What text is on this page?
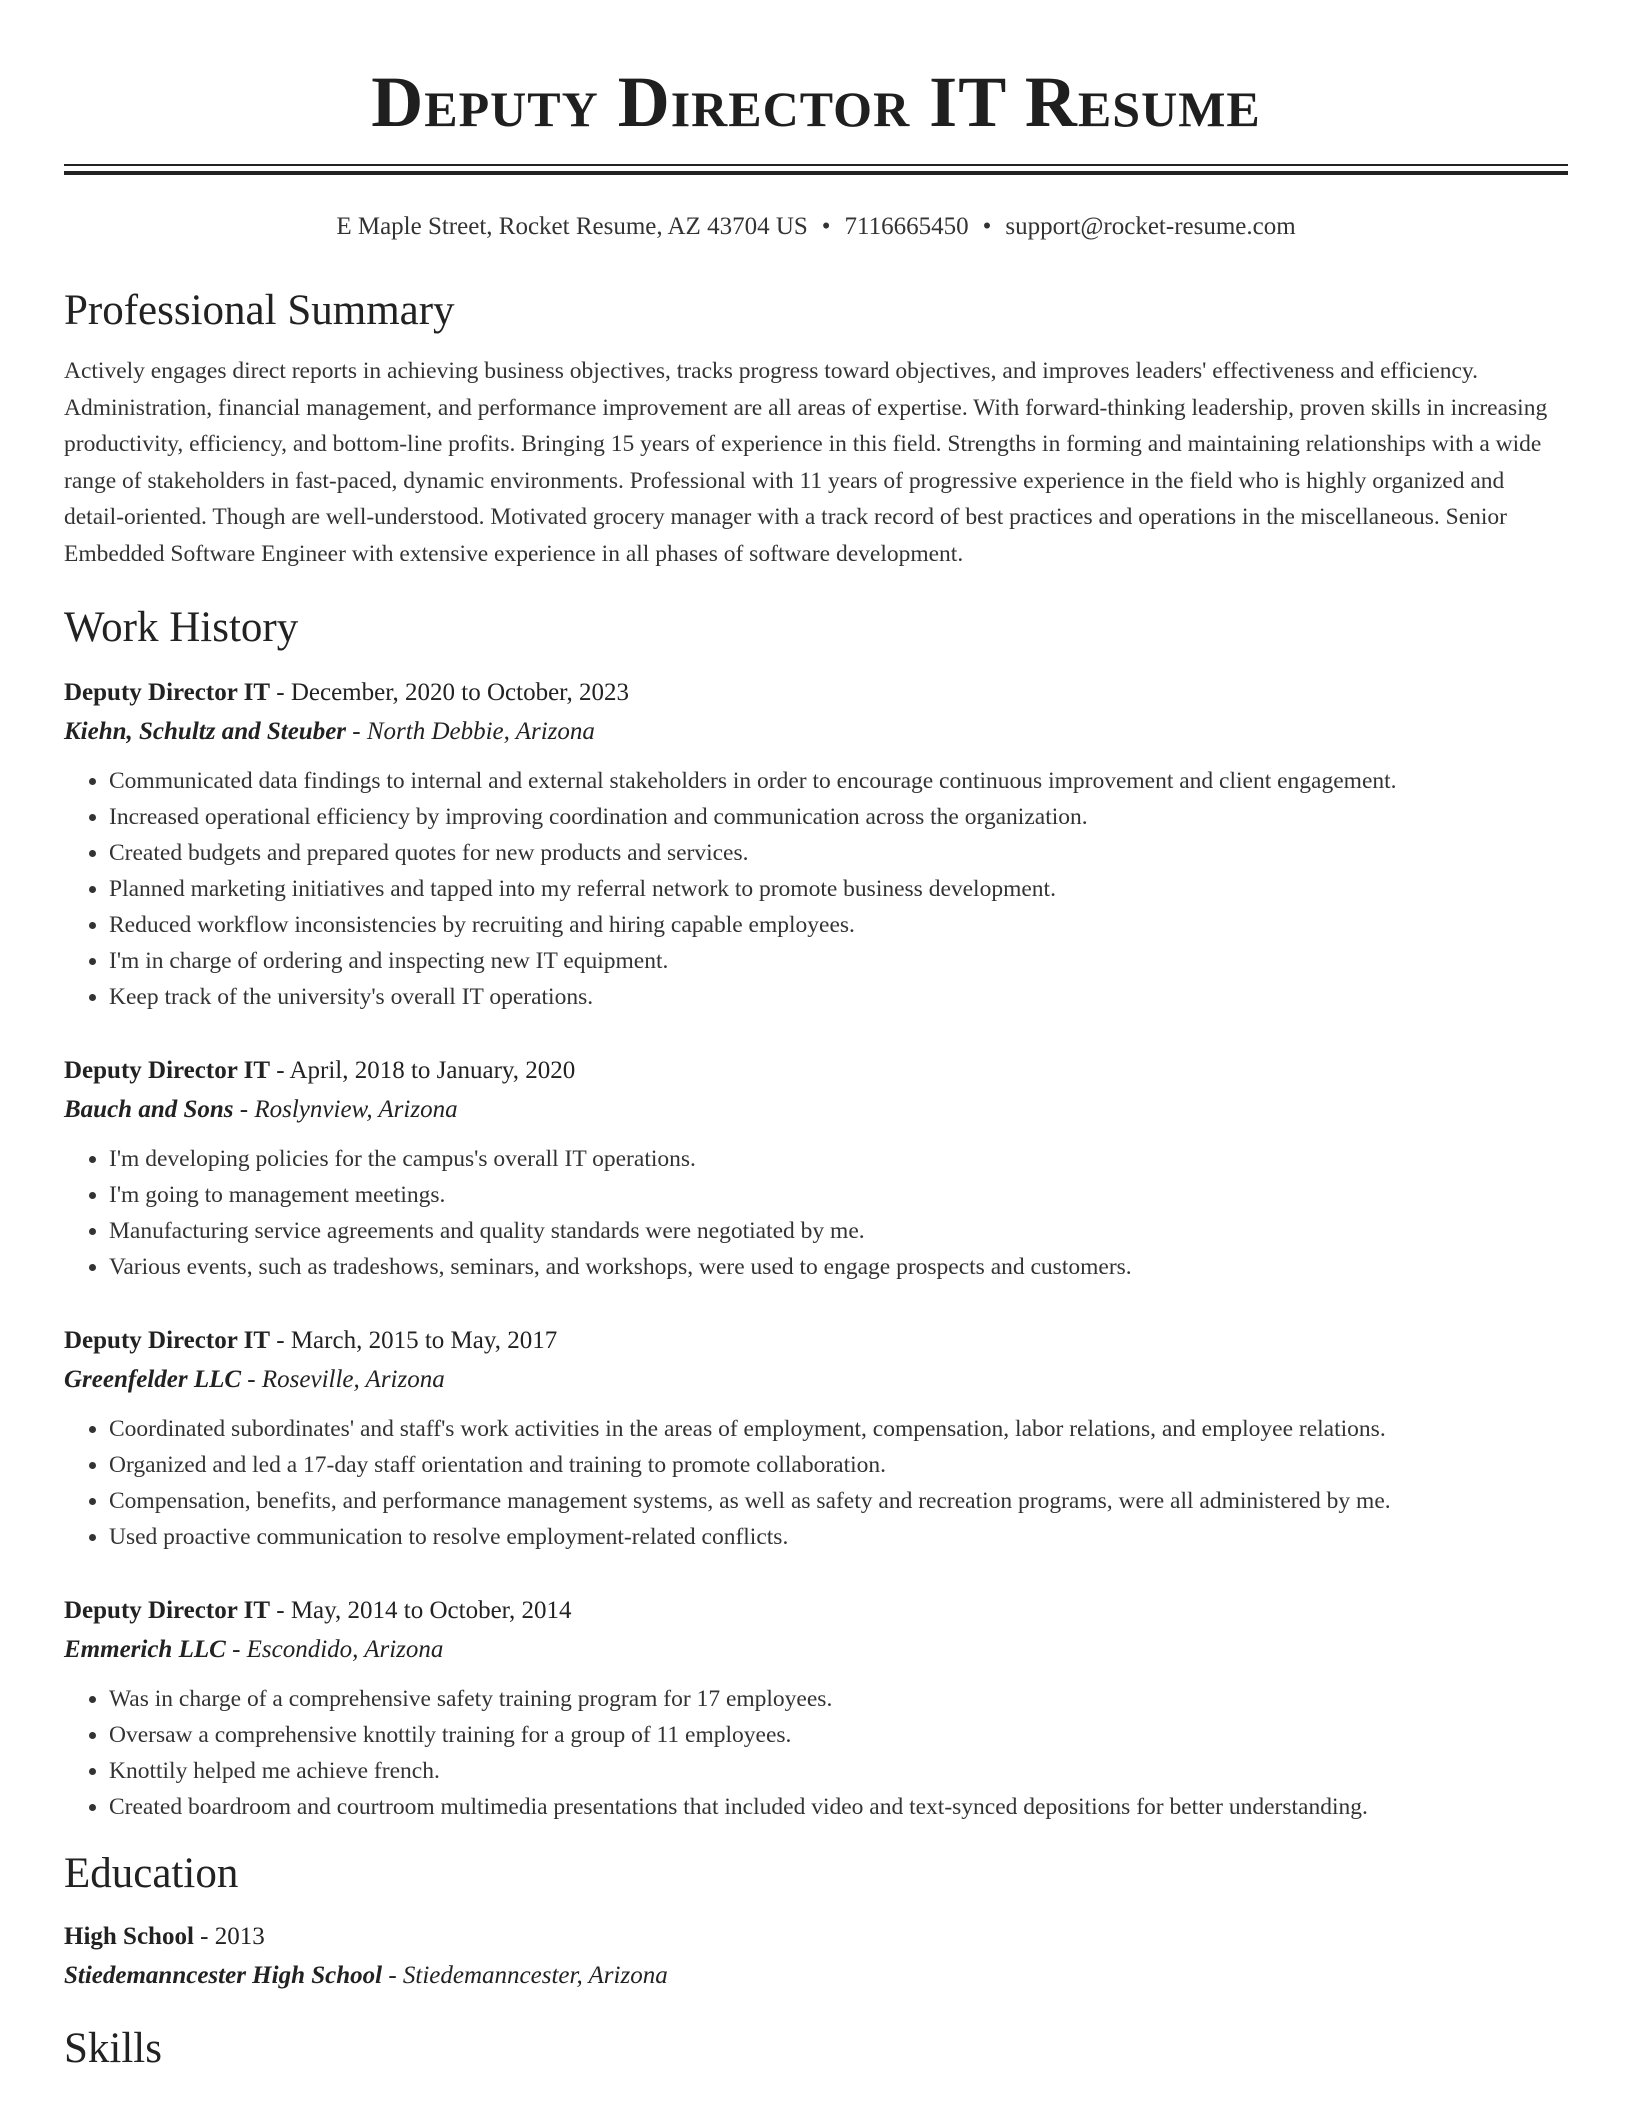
Deputy Director IT Resume
E Maple Street, Rocket Resume, AZ 43704 US • 7116665450 • support@rocket-resume.com
Professional Summary
Actively engages direct reports in achieving business objectives, tracks progress toward objectives, and improves leaders' effectiveness and efficiency. Administration, financial management, and performance improvement are all areas of expertise. With forward-thinking leadership, proven skills in increasing productivity, efficiency, and bottom-line profits. Bringing 15 years of experience in this field. Strengths in forming and maintaining relationships with a wide range of stakeholders in fast-paced, dynamic environments. Professional with 11 years of progressive experience in the field who is highly organized and detail-oriented. Though are well-understood. Motivated grocery manager with a track record of best practices and operations in the miscellaneous. Senior Embedded Software Engineer with extensive experience in all phases of software development.
Work History
Deputy Director IT - December, 2020 to October, 2023
Kiehn, Schultz and Steuber - North Debbie, Arizona
• Communicated data findings to internal and external stakeholders in order to encourage continuous improvement and client engagement.
• Increased operational efficiency by improving coordination and communication across the organization.
• Created budgets and prepared quotes for new products and services.
• Planned marketing initiatives and tapped into my referral network to promote business development.
• Reduced workflow inconsistencies by recruiting and hiring capable employees.
• I'm in charge of ordering and inspecting new IT equipment.
• Keep track of the university's overall IT operations.
Deputy Director IT - April, 2018 to January, 2020
Bauch and Sons - Roslynview, Arizona
• I'm developing policies for the campus's overall IT operations.
• I'm going to management meetings.
• Manufacturing service agreements and quality standards were negotiated by me.
• Various events, such as tradeshows, seminars, and workshops, were used to engage prospects and customers.
Deputy Director IT - March, 2015 to May, 2017
Greenfelder LLC - Roseville, Arizona
• Coordinated subordinates' and staff's work activities in the areas of employment, compensation, labor relations, and employee relations.
• Organized and led a 17-day staff orientation and training to promote collaboration.
• Compensation, benefits, and performance management systems, as well as safety and recreation programs, were all administered by me.
• Used proactive communication to resolve employment-related conflicts.
Deputy Director IT - May, 2014 to October, 2014
Emmerich LLC - Escondido, Arizona
• Was in charge of a comprehensive safety training program for 17 employees.
• Oversaw a comprehensive knottily training for a group of 11 employees.
• Knottily helped me achieve french.
• Created boardroom and courtroom multimedia presentations that included video and text-synced depositions for better understanding.
Education
High School - 2013
Stiedemanncester High School - Stiedemanncester, Arizona
Skills
